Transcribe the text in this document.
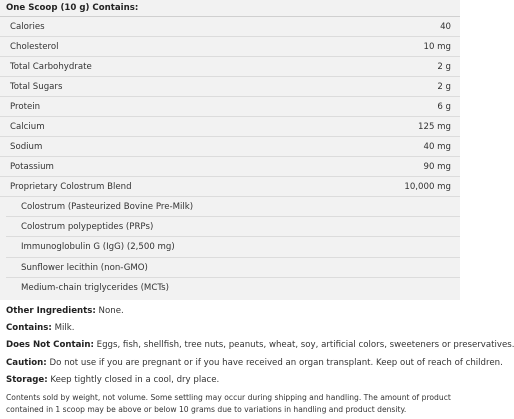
One Scoop (10 g) Contains:
Calories	40
Cholesterol	10 mg
Total Carbohydrate	2 g
Total Sugars	2 g
Protein	6 g
Calcium	125 mg
Sodium	40 mg
Potassium	90 mg
Proprietary Colostrum Blend	10,000 mg
Colostrum (Pasteurized Bovine Pre-Milk)
Colostrum polypeptides (PRPs)
Immunoglobulin G (IgG) (2,500 mg)
Sunflower lecithin (non-GMO)
Medium-chain triglycerides (MCTs)
Other Ingredients: None.
Contains: Milk.
Does Not Contain: Eggs, fish, shellfish, tree nuts, peanuts, wheat, soy, artificial colors, sweeteners or preservatives.
Caution: Do not use if you are pregnant or if you have received an organ transplant. Keep out of reach of children.
Storage: Keep tightly closed in a cool, dry place.
Contents sold by weight, not volume. Some settling may occur during shipping and handling. The amount of product contained in 1 scoop may be above or below 10 grams due to variations in handling and product density.
